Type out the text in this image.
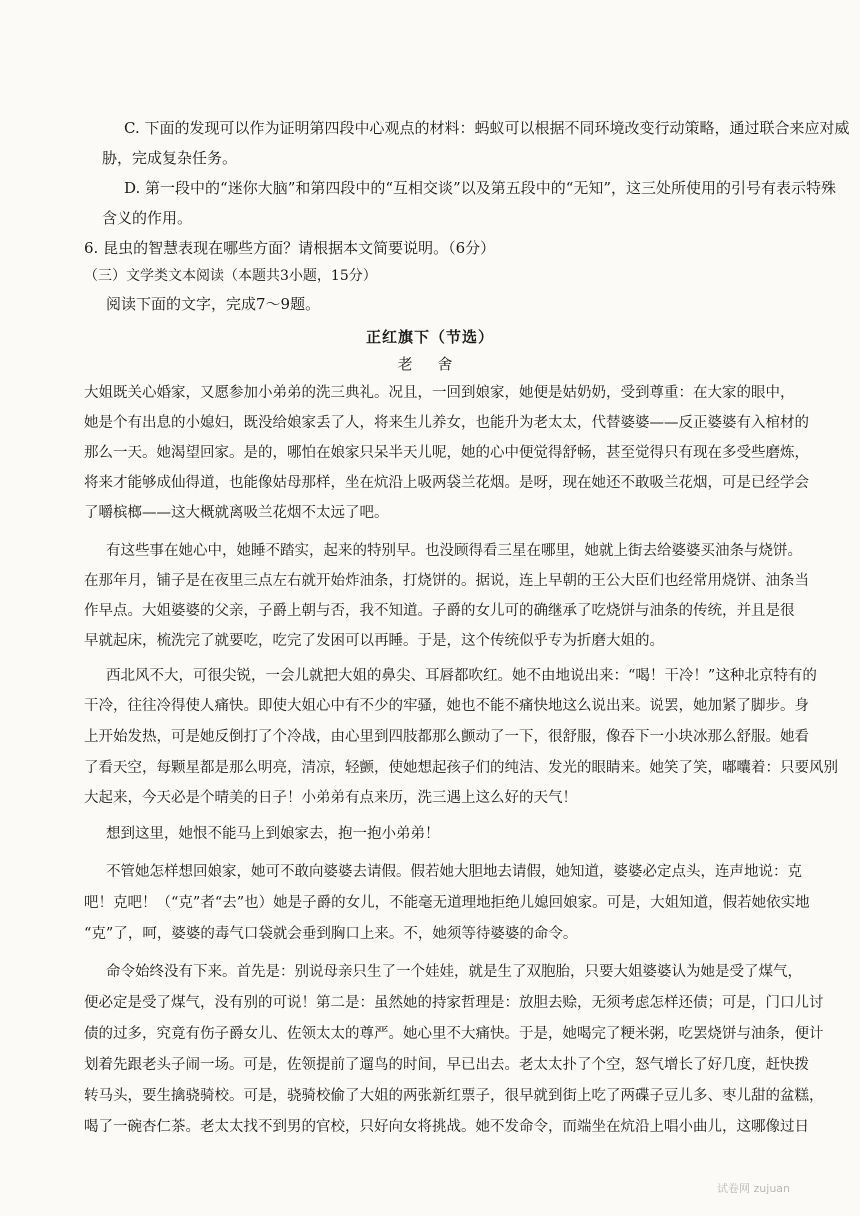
C. 下面的发现可以作为证明第四段中心观点的材料：蚂蚁可以根据不同环境改变行动策略，通过联合来应对威
胁，完成复杂任务。
D. 第一段中的“迷你大脑”和第四段中的“互相交谈”以及第五段中的“无知”，这三处所使用的引号有表示特殊
含义的作用。
6. 昆虫的智慧表现在哪些方面？请根据本文简要说明。（6分）
（三）文学类文本阅读（本题共3小题，15分）
阅读下面的文字，完成7～9题。
正红旗下（节选）
老 舍
大姐既关心婚家，又愿参加小弟弟的洗三典礼。况且，一回到娘家，她便是姑奶奶，受到尊重：在大家的眼中，
她是个有出息的小媳妇，既没给娘家丢了人，将来生儿养女，也能升为老太太，代替婆婆——反正婆婆有入棺材的
那么一天。她渴望回家。是的，哪怕在娘家只呆半天儿呢，她的心中便觉得舒畅，甚至觉得只有现在多受些磨炼，
将来才能够成仙得道，也能像姑母那样，坐在炕沿上吸两袋兰花烟。是呀，现在她还不敢吸兰花烟，可是已经学会
了嚼槟榔——这大概就离吸兰花烟不太远了吧。
有这些事在她心中，她睡不踏实，起来的特别早。也没顾得看三星在哪里，她就上街去给婆婆买油条与烧饼。
在那年月，铺子是在夜里三点左右就开始炸油条，打烧饼的。据说，连上早朝的王公大臣们也经常用烧饼、油条当
作早点。大姐婆婆的父亲，子爵上朝与否，我不知道。子爵的女儿可的确继承了吃烧饼与油条的传统，并且是很
早就起床，梳洗完了就要吃，吃完了发困可以再睡。于是，这个传统似乎专为折磨大姐的。
西北风不大，可很尖锐，一会儿就把大姐的鼻尖、耳唇都吹红。她不由地说出来：“喝！干冷！”这种北京特有的
干冷，往往冷得使人痛快。即使大姐心中有不少的牢骚，她也不能不痛快地这么说出来。说罢，她加紧了脚步。身
上开始发热，可是她反倒打了个冷战，由心里到四肢都那么颤动了一下，很舒服，像吞下一小块冰那么舒服。她看
了看天空，每颗星都是那么明亮，清凉，轻颤，使她想起孩子们的纯洁、发光的眼睛来。她笑了笑，嘟囔着：只要风别
大起来，今天必是个晴美的日子！小弟弟有点来历，洗三遇上这么好的天气！
想到这里，她恨不能马上到娘家去，抱一抱小弟弟！
不管她怎样想回娘家，她可不敢向婆婆去请假。假若她大胆地去请假，她知道，婆婆必定点头，连声地说：克
吧！克吧！（“克”者“去”也）她是子爵的女儿，不能毫无道理地拒绝儿媳回娘家。可是，大姐知道，假若她依实地
“克”了，呵，婆婆的毒气口袋就会垂到胸口上来。不，她须等待婆婆的命令。
命令始终没有下来。首先是：别说母亲只生了一个娃娃，就是生了双胞胎，只要大姐婆婆认为她是受了煤气，
便必定是受了煤气，没有别的可说！第二是：虽然她的持家哲理是：放胆去赊，无须考虑怎样还债；可是，门口儿讨
债的过多，究竟有伤子爵女儿、佐领太太的尊严。她心里不大痛快。于是，她喝完了粳米粥，吃罢烧饼与油条，便计
划着先跟老头子闹一场。可是，佐领提前了遛鸟的时间，早已出去。老太太扑了个空，怒气增长了好几度，赶快拨
转马头，要生擒骁骑校。可是，骁骑校偷了大姐的两张新红票子，很早就到街上吃了两碟子豆儿多、枣儿甜的盆糕，
喝了一碗杏仁茶。老太太找不到男的官校，只好向女将挑战。她不发命令，而端坐在炕沿上唱小曲儿，这哪像过日
试卷网 zujuan
